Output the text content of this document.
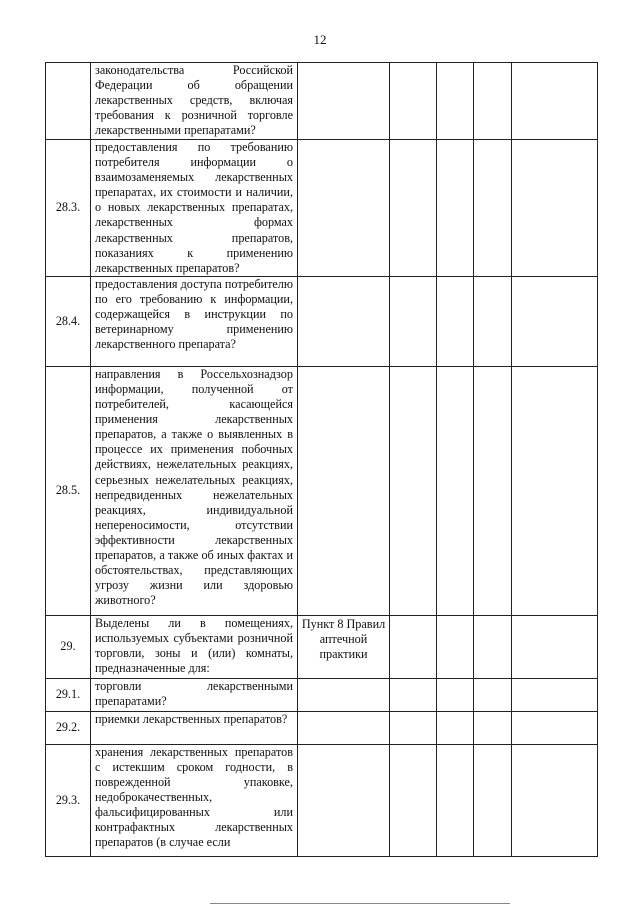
12
	законодательства Российской Федерации об обращении лекарственных средств, включая требования к розничной торговле лекарственными препаратами?					
28.3.	предоставления по требованию потребителя информации о взаимозаменяемых лекарственных препаратах, их стоимости и наличии, о новых лекарственных препаратах, лекарственных формах лекарственных препаратов, показаниях к применению лекарственных препаратов?					
28.4.	предоставления доступа потребителю по его требованию к информации, содержащейся в инструкции по ветеринарному применению лекарственного препарата?					
28.5.	направления в Россельхознадзор информации, полученной от потребителей, касающейся применения лекарственных препаратов, а также о выявленных в процессе их применения побочных действиях, нежелательных реакциях, серьезных нежелательных реакциях, непредвиденных нежелательных реакциях, индивидуальной непереносимости, отсутствии эффективности лекарственных препаратов, а также об иных фактах и обстоятельствах, представляющих угрозу жизни или здоровью животного?					
29.	Выделены ли в помещениях, используемых субъектами розничной торговли, зоны и (или) комнаты, предназначенные для:	Пункт 8 Правил аптечной практики				
29.1.	торговли лекарственными препаратами?					
29.2.	приемки лекарственных препаратов?					
29.3.	хранения лекарственных препаратов с истекшим сроком годности, в поврежденной упаковке, недоброкачественных, фальсифицированных или контрафактных лекарственных препаратов (в случае если					
